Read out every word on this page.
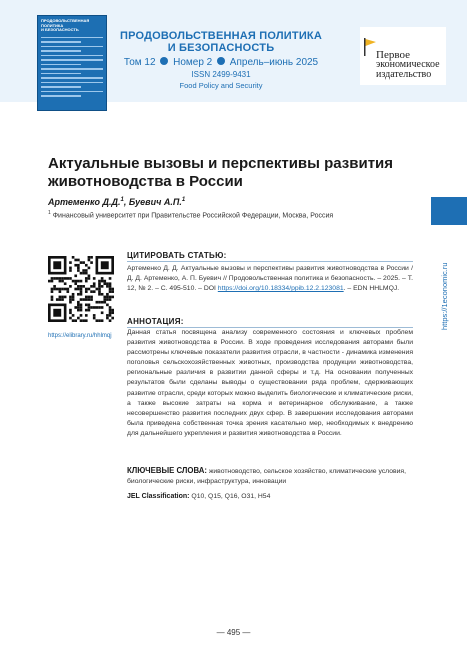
ПРОДОВОЛЬСТВЕННАЯ
ПОЛИТИКА
И БЕЗОПАСНОСТЬ
ПРОДОВОЛЬСТВЕННАЯ ПОЛИТИКА И БЕЗОПАСНОСТЬ
Том 12 Номер 2 Апрель–июнь 2025
ISSN 2499-9431
Food Policy and Security
Первое
экономическое
издательство
https://1economic.ru
Актуальные вызовы и перспективы развития животноводства в России
Артеменко Д.Д.$^1$, Буевич А.П.$^1$
$^1$ Финансовый университет при Правительстве Российской Федерации, Москва, Россия
https://elibrary.ru/hhlmqj
ЦИТИРОВАТЬ СТАТЬЮ:
Артеменко Д. Д. Актуальные вызовы и перспективы развития животноводства в России / Д. Д. Артеменко, А. П. Буевич // Продовольственная политика и безопасность. – 2025. – Т. 12, № 2. – С. 495-510. – DOI https://doi.org/10.18334/ppib.12.2.123081. – EDN HHLMQJ.
АННОТАЦИЯ:
Данная статья посвящена анализу современного состояния и ключевых проблем развития животноводства в России. В ходе проведения исследования авторами были рассмотрены ключевые показатели развития отрасли, в частности - динамика изменения поголовья сельскохозяйственных животных, производства продукции животноводства, региональные различия в развитии данной сферы и т.д. На основании полученных результатов были сделаны выводы о существовании ряда проблем, сдерживающих развитие отрасли, среди которых можно выделить биологические и климатические риски, а также высокие затраты на корма и ветеринарное обслуживание, а также несовершенство развития последних двух сфер. В завершении исследования авторами была приведена собственная точка зрения касательно мер, необходимых к внедрению для дальнейшего укрепления и развития животноводства в России.
КЛЮЧЕВЫЕ СЛОВА: животноводство, сельское хозяйство, климатические условия, биологические риски, инфраструктура, инновации
JEL Classification: Q10, Q15, Q16, O31, H54
— 495 —
